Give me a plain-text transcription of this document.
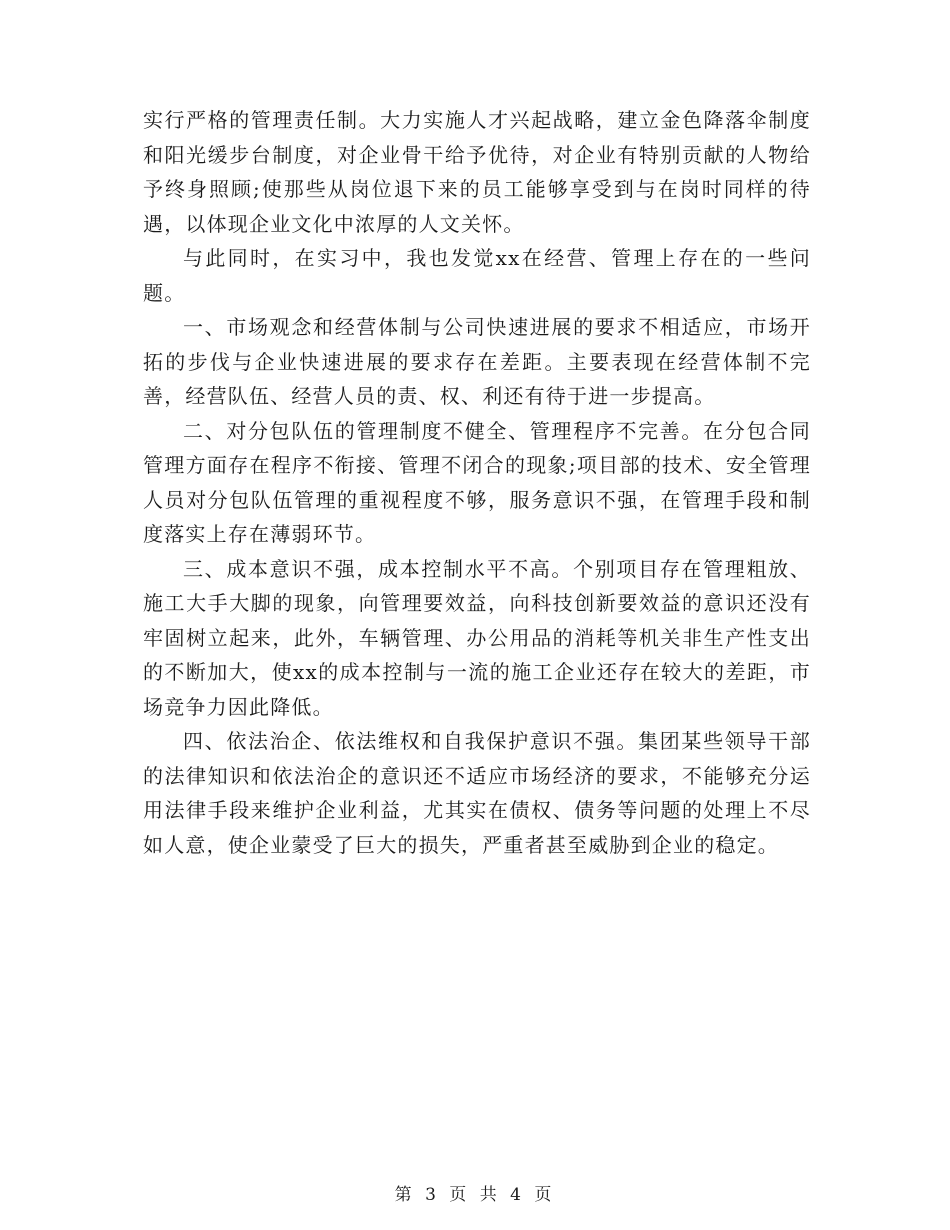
实行严格的管理责任制。大力实施人才兴起战略，建立金色降落伞制度和阳光缓步台制度，对企业骨干给予优待，对企业有特别贡献的人物给予终身照顾;使那些从岗位退下来的员工能够享受到与在岗时同样的待遇，以体现企业文化中浓厚的人文关怀。

与此同时，在实习中，我也发觉xx在经营、管理上存在的一些问题。

一、市场观念和经营体制与公司快速进展的要求不相适应，市场开拓的步伐与企业快速进展的要求存在差距。主要表现在经营体制不完善，经营队伍、经营人员的责、权、利还有待于进一步提高。

二、对分包队伍的管理制度不健全、管理程序不完善。在分包合同管理方面存在程序不衔接、管理不闭合的现象;项目部的技术、安全管理人员对分包队伍管理的重视程度不够，服务意识不强，在管理手段和制度落实上存在薄弱环节。

三、成本意识不强，成本控制水平不高。个别项目存在管理粗放、施工大手大脚的现象，向管理要效益，向科技创新要效益的意识还没有牢固树立起来，此外，车辆管理、办公用品的消耗等机关非生产性支出的不断加大，使xx的成本控制与一流的施工企业还存在较大的差距，市场竞争力因此降低。

四、依法治企、依法维权和自我保护意识不强。集团某些领导干部的法律知识和依法治企的意识还不适应市场经济的要求，不能够充分运用法律手段来维护企业利益，尤其实在债权、债务等问题的处理上不尽如人意，使企业蒙受了巨大的损失，严重者甚至威胁到企业的稳定。

第 3 页 共 4 页
